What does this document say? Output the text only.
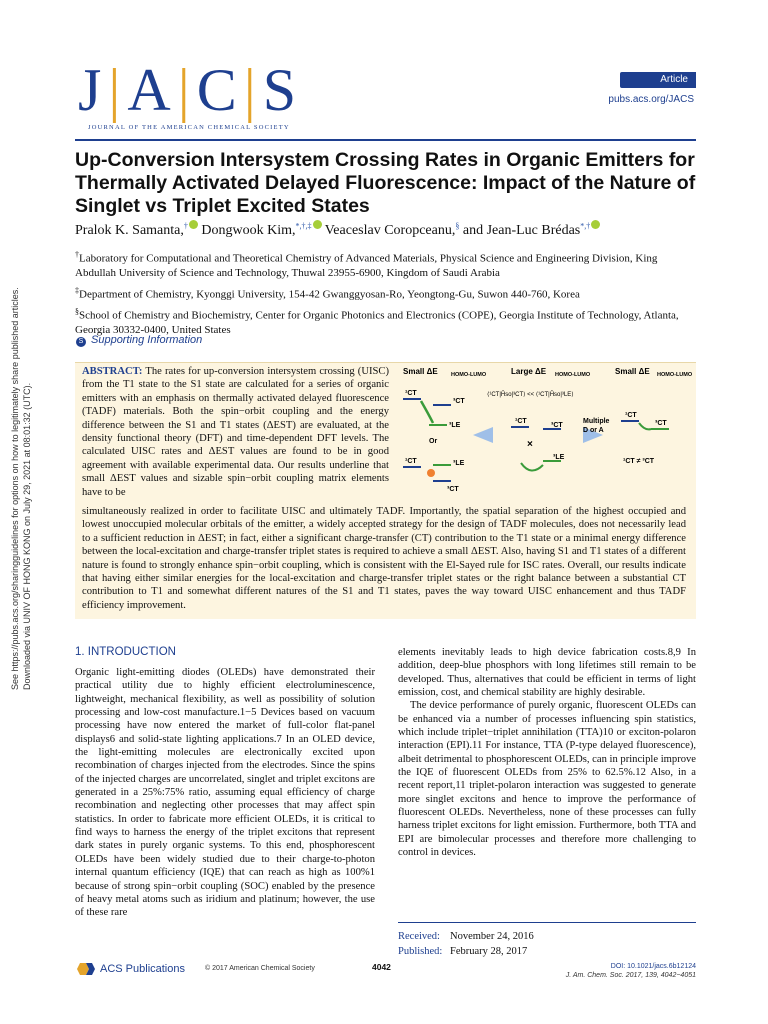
Downloaded via UNIV OF HONG KONG on July 29, 2021 at 08:01:32 (UTC).
See https://pubs.acs.org/sharingguidelines for options on how to legitimately share published articles.
J | A | C | S
JOURNAL OF THE AMERICAN CHEMICAL SOCIETY
Article
pubs.acs.org/JACS
Up-Conversion Intersystem Crossing Rates in Organic Emitters for Thermally Activated Delayed Fluorescence: Impact of the Nature of Singlet vs Triplet Excited States
Pralok K. Samanta,† Dongwook Kim,*,†,‡ Veaceslav Coropceanu,§ and Jean-Luc Brédas*,†

†Laboratory for Computational and Theoretical Chemistry of Advanced Materials, Physical Science and Engineering Division, King Abdullah University of Science and Technology, Thuwal 23955-6900, Kingdom of Saudi Arabia

‡Department of Chemistry, Kyonggi University, 154-42 Gwanggyosan-Ro, Yeongtong-Gu, Suwon 440-760, Korea

§School of Chemistry and Biochemistry, Center for Organic Photonics and Electronics (COPE), Georgia Institute of Technology, Atlanta, Georgia 30332-0400, United States

S Supporting Information
ABSTRACT: The rates for up-conversion intersystem crossing (UISC) from the T1 state to the S1 state are calculated for a series of organic emitters with an emphasis on thermally activated delayed fluorescence (TADF) materials. Both the spin−orbit coupling and the energy difference between the S1 and T1 states (ΔEST) are evaluated, at the density functional theory (DFT) and time-dependent DFT levels. The calculated UISC rates and ΔEST values are found to be in good agreement with available experimental data. Our results underline that small ΔEST values and sizable spin−orbit coupling matrix elements have to be
Small ΔE HOMO-LUMO	Large ΔE HOMO-LUMO	Small ΔE HOMO-LUMO
⟨¹CT|Ĥso|³CT⟩ << ⟨¹CT|Ĥso|³LE⟩
¹CT
³CT
³LE
Or
¹CT	³LE
³CT
¹CT
³CT
×
³LE
Multiple
D or A
¹CT
³CT
¹CT ≠ ³CT
simultaneously realized in order to facilitate UISC and ultimately TADF. Importantly, the spatial separation of the highest occupied and lowest unoccupied molecular orbitals of the emitter, a widely accepted strategy for the design of TADF molecules, does not necessarily lead to a sufficient reduction in ΔEST; in fact, either a significant charge-transfer (CT) contribution to the T1 state or a minimal energy difference between the local-excitation and charge-transfer triplet states is required to achieve a small ΔEST. Also, having S1 and T1 states of a different nature is found to strongly enhance spin−orbit coupling, which is consistent with the El-Sayed rule for ISC rates. Overall, our results indicate that having either similar energies for the local-excitation and charge-transfer triplet states or the right balance between a substantial CT contribution to T1 and somewhat different natures of the S1 and T1 states, paves the way toward UISC enhancement and thus TADF efficiency improvement.
1. INTRODUCTION

Organic light-emitting diodes (OLEDs) have demonstrated their practical utility due to highly efficient electroluminescence, lightweight, mechanical flexibility, as well as possibility of solution processing and low-cost manufacture.1−5 Devices based on vacuum processing have now entered the market of full-color flat-panel displays6 and solid-state lighting applications.7 In an OLED device, the light-emitting molecules are electronically excited upon recombination of charges injected from the electrodes. Since the spins of the injected charges are uncorrelated, singlet and triplet excitons are generated in a 25%:75% ratio, assuming equal efficiency of charge recombination and neglecting other processes that may affect spin statistics. In order to fabricate more efficient OLEDs, it is critical to find ways to harness the energy of the triplet excitons that represent dark states in purely organic systems. To this end, phosphorescent OLEDs have been widely studied due to their charge-to-photon internal quantum efficiency (IQE) that can reach as high as 100%1 because of strong spin−orbit coupling (SOC) enabled by the presence of heavy metal atoms such as iridium and platinum; however, the use of these rare

elements inevitably leads to high device fabrication costs.8,9 In addition, deep-blue phosphors with long lifetimes still remain to be developed. Thus, alternatives that could be efficient in terms of light emission, cost, and chemical stability are highly desirable.

The device performance of purely organic, fluorescent OLEDs can be enhanced via a number of processes influencing spin statistics, which include triplet−triplet annihilation (TTA)10 or exciton-polaron interaction (EPI).11 For instance, TTA (P-type delayed fluorescence), albeit detrimental to phosphorescent OLEDs, can in principle improve the IQE of fluorescent OLEDs from 25% to 62.5%.12 Also, in a recent report,11 triplet-polaron interaction was suggested to generate more singlet excitons and hence to improve the performance of fluorescent OLEDs. Nevertheless, none of these processes can fully harness triplet excitons for light emission. Furthermore, both TTA and EPI are bimolecular processes and therefore more challenging to control in devices.

Received: November 24, 2016
Published: February 28, 2017
ACS Publications	© 2017 American Chemical Society	4042	DOI: 10.1021/jacs.6b12124
J. Am. Chem. Soc. 2017, 139, 4042−4051
